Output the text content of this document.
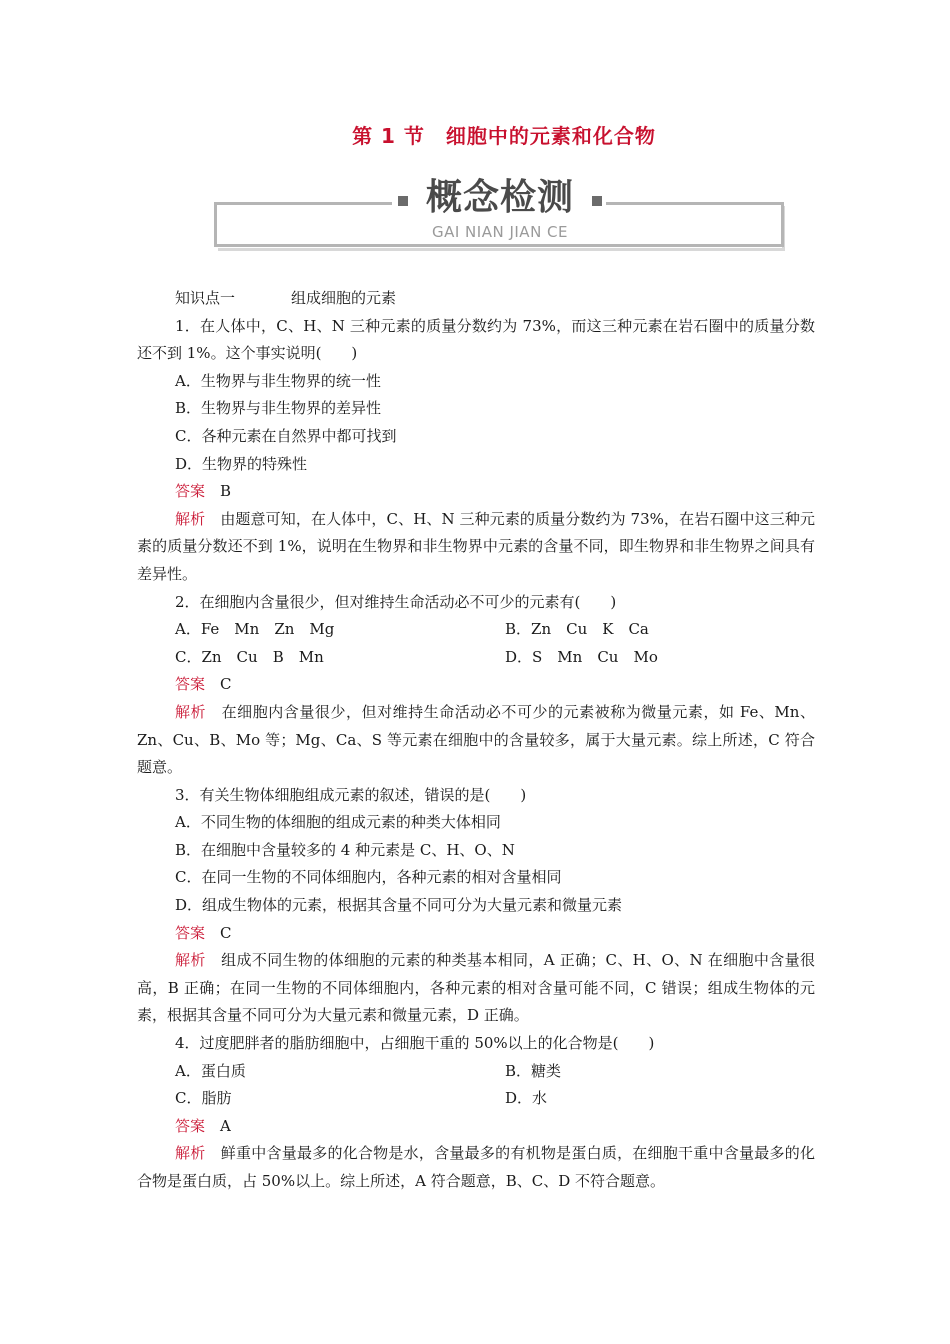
第 1 节　细胞中的元素和化合物
概念检测
GAI NIAN JIAN CE
知识点一	组成细胞的元素
1．在人体中，C、H、N 三种元素的质量分数约为 73%，而这三种元素在岩石圈中的质量分数还不到 1%。这个事实说明(　　)
A．生物界与非生物界的统一性
B．生物界与非生物界的差异性
C．各种元素在自然界中都可找到
D．生物界的特殊性
答案　 B
解析　 由题意可知，在人体中，C、H、N 三种元素的质量分数约为 73%，在岩石圈中这三种元素的质量分数还不到 1%，说明在生物界和非生物界中元素的含量不同，即生物界和非生物界之间具有差异性。
2．在细胞内含量很少，但对维持生命活动必不可少的元素有(　　)
A．Fe　Mn　Zn　Mg	B．Zn　Cu　K　Ca
C．Zn　Cu　B　Mn	D．S　Mn　Cu　Mo
答案　 C
解析　 在细胞内含量很少，但对维持生命活动必不可少的元素被称为微量元素，如 Fe、Mn、Zn、Cu、B、Mo 等；Mg、Ca、S 等元素在细胞中的含量较多，属于大量元素。综上所述，C 符合题意。
3．有关生物体细胞组成元素的叙述，错误的是(　　)
A．不同生物的体细胞的组成元素的种类大体相同
B．在细胞中含量较多的 4 种元素是 C、H、O、N
C．在同一生物的不同体细胞内，各种元素的相对含量相同
D．组成生物体的元素，根据其含量不同可分为大量元素和微量元素
答案　 C
解析　 组成不同生物的体细胞的元素的种类基本相同，A 正确；C、H、O、N 在细胞中含量很高，B 正确；在同一生物的不同体细胞内，各种元素的相对含量可能不同，C 错误；组成生物体的元素，根据其含量不同可分为大量元素和微量元素，D 正确。
4．过度肥胖者的脂肪细胞中，占细胞干重的 50%以上的化合物是(　　)
A．蛋白质	B．糖类
C．脂肪	D．水
答案　 A
解析　 鲜重中含量最多的化合物是水，含量最多的有机物是蛋白质，在细胞干重中含量最多的化合物是蛋白质，占 50%以上。综上所述，A 符合题意，B、C、D 不符合题意。
